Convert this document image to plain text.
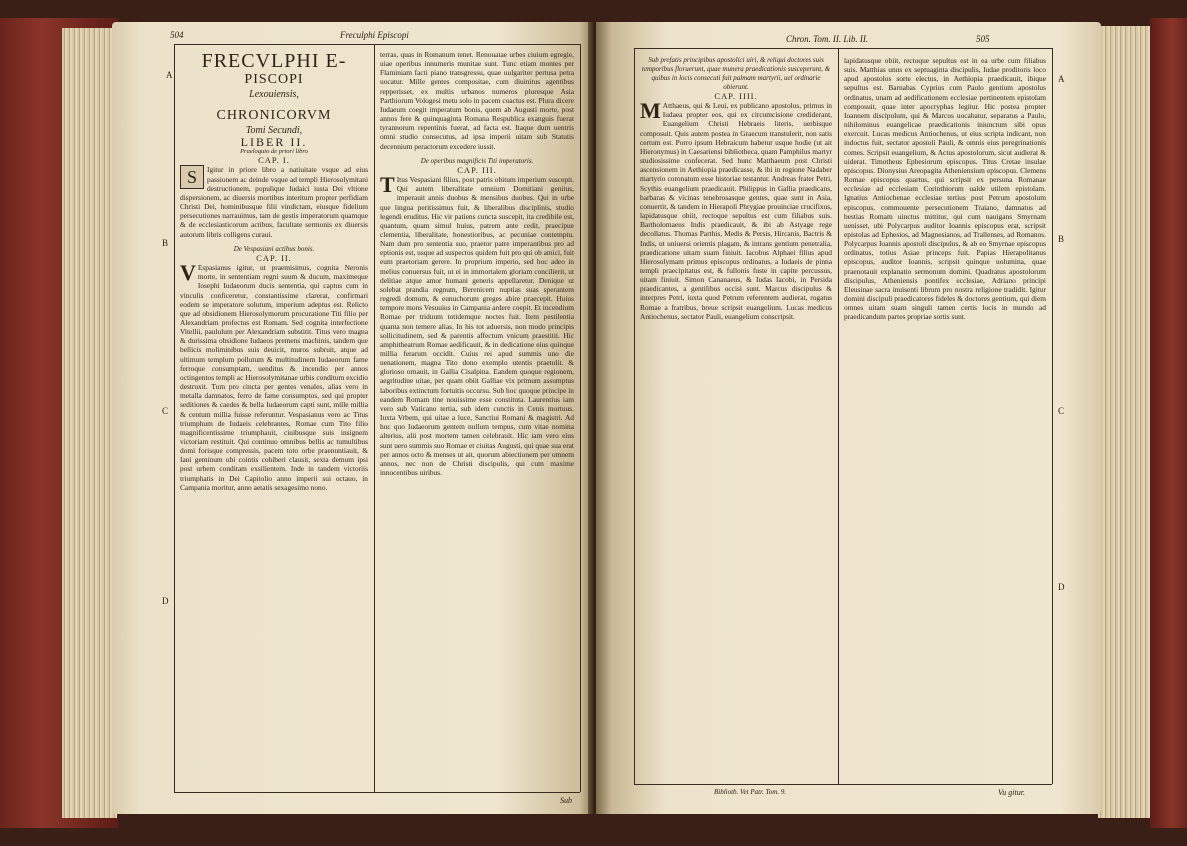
504	Freculphi Episcopi
A
B
C
D

FRECVLPHI E-

PISCOPI

Lexouiensis,

CHRONICORVM

Tomi Secundi,

LIBER II.

Praeloquio de priori libro

CAP. I.

S	Igitur in priore libro a natiuitate vsque ad eius passionem ac deinde vsque ad templi Hierosolymitani destructionem, populique Iudaici iusta Dei vltione dispersionem, ac diuersis mortibus interitum propter perfidiam Christi Dei, hominibusque filii vindictam, eiusque fidelium persecutiones narrauimus, tam de gestis imperatorum quamque & de ecclesiasticorum actibus, facultate sermonis ex diuersis autorum libris colligens curaui.

De Vespasiani actibus bonis.

CAP. II.

V Espasianus igitur, ut praemisimus, cognita Neronis morte, in sententiam regni suum & ducum, maximeque Iosephi Iudaeorum ducis sententia, qui captus cum in vinculis conficeretur, constantissime clarerat, confirmari eodem se imperatore solutum, imperium adeptus est. Relicto que ad obsidionem Hierosolymorum procuratione Titi filio per Alexandriam profectus est Romam. Sed cognita interfectione Vitellii, paululum per Alexandriam substitit. Titus vero magna & durissima obsidione Iudaeos premens machinis, tandem que bellicis moliminibus suis deuicit, muros subruit, atque ad ultimum templum pollutum & multitudinem Iudaeorum fame ferroque consumptam, uenditus & incendio per annos octingentos templi ac Hierosolymitanae urbis conditum excidio destruxit. Tum pro cincta per gentes venales, alias vero in metalla damnatos, ferro de fame consumptos, sed qui propter seditiones & caedes & bella Iudaeorum capti sunt, mille millia & centum millia fuisse referuntur. Vespasianus vero ac Titus triumphum de Iudaeis celebrantes, Romae cum Tito filio magnificentissime triumphauit, ciuibusque suis insignem victoriam restituit. Qui continuo omnibus bellis ac tumultibus domi forisque compressis, pacem toto orbe praenuntiauit, & Iani geminum ubi cointis cohiberi clausit, sexta demum ipsi post urbem conditam exsilientem. Inde in tandem victoriis triumphatis in Dei Capitolio anno imperii sui octauo, in Campania moritur, anno aetatis sexagesimo nono.

terras, quas in Romanum tenet. Renouatae urbes ciuium egregie, uiae operibus innumeris munitae sunt. Tunc etiam montes per Flaminiam facti piano transgressu, quae uulgariter pertusa petra uocatur. Mille gentes compositae, cum diuinitus agentibus repperisset, ex multis urbanos numeros pluresque Asia Parthiorum Vologesi metu solo in pacem coactus est. Plura dicere Iudaeum coegit imperatum bonis, quem ab Augusti morte, post annos fere & quinquaginta Romana Respublica exanguis fuerat tyrannorum repentinis fuerat, ad facta est. Itaque dum uentris omni studio consecutus, ad ipsa imperii uitam sub Statutis decennium peractorum excedere iussit.

De operibus magnificis Titi imperatoris.

CAP. III.

T Itus Vespasiani filius, post patris obitum imperium suscepit. Qui autem liberalitate omnium Domitiani genitus, imperauit annis duobus & mensibus duobus. Qui in urbe que lingua peritissimus fuit, & liberalibus disciplinis, studio legendi eruditus. Hic vir patiens cuncta suscepit, ita credibile est, quantum, quam simul huius, patrem ante cedit, praecipue clementia, liberalitate, honestioribus, ac pecuniae contemptu. Nam dum pro sententia suo, praetor patre imperantibus pro ad eptionis est, usque ad suspectos quidem fuit pro qui ob amici, fuit eum praetoriam gerere. In proprium imperio, sed hoc adeo in melius conuersus fuit, ut ei in immortalem gloriam concilierit, ut delitiae atque amor humani generis appellaretur. Denique ut solebat prandia regnum, Berenicem nuptias suas sperantem regredi domum, & eunuchorum greges abire praecepit. Huius tempore mons Vesuuius in Campania ardere coepit. Et incendium Romae per triduum totidemque noctes fuit. Item pestilentia quanta non temere alias. In his tot aduersis, non modo principis sollicitudinem, sed & parentis affectum vnicum praestitit. Hic amphitheatrum Romae aedificauit, & in dedicatione eius quinque millia ferarum occidit. Cuius rei apud summis uno die uenationem, magna Tito dono exemplo utentis praetulit. & glorioso ornauit, in Gallia Cisalpina. Eandem quoque regionem, aegritudine uitae, per quam obiit Galliae vix primum assumptus laboribus extinctum fortuitis occursu. Sub hoc quoque principe in eandem Romam tine nouissime esse constituta. Laurentius iam vero sub Vaticano tertia, sub idem cunctis in Cenis mortuus. Iuxta Vrbem, qui uitae a luce, Sanctiui Romani & magistri. Ad huc quo Iudaeorum gentem nullum tempus, cum vitae nomina alterius, alii post mortem tamen celebrauit. Hic iam vero eius sunt uero summis suo Romae et ciuitas Augusti, qui quae sua erat per annos octo & menses ut ait, quorum abiectionem per omnem annos, nec non de Christi discipulis, qui cum maxime innocentibus uiribus.

Sub
Chron. Tom. II. Lib. II.	505
A
B
C
D

Sub prefatis principibus apostolici uiri, & reliqui doctores suis temporibus floruerunt, quae munera praedicationis susceperunt, & quibus in locis consecuti fuit palmam martyrii, uel ordinarie obierunt.

CAP. IIII.

M Atthaeus, qui & Leui, ex publicano apostolus, primus in Iudaea propter eos, qui ex circumcisione crediderant, Euangelium Christi Hebraeis literis, uerbisque composuit. Quis autem postea in Graecum transtulerit, non satis certum est. Porro ipsum Hebraicum habetur usque hodie (ut ait Hieronymus) in Caesariensi bibliotheca, quam Pamphilus martyr studiosissime confecerat. Sed hunc Matthaeum post Christi ascensionem in Aethiopia praedicasse, & ibi in regione Nadaber martyrio coronatum esse historiae testantur. Andreas frater Petri, Scythis euangelium praedicauit. Philippus in Gallia praedicans, barbaras & vicinas tenebrosasque gentes, quae sunt in Asia, conuertit, & tandem in Hierapoli Phrygiae prouinciae crucifixus, lapidatusque obiit, rectoque sepultus est cum filiabus suis. Bartholomaeus Indis praedicauit, & ibi ab Astyage rege decollatus. Thomas Parthis, Medis & Persis, Hircanis, Bactris & Indis, ut uniuersi orientis plagam, & intrans gentium penetralia, praedicatione uitam suam finiuit. Iacobus Alphaei filius apud Hierosolymam primus episcopus ordinatus, a Iudaeis de pinna templi praecipitatus est, & fullonis fuste in capite percussus, uitam finiuit. Simon Cananaeus, & Iudas Iacobi, in Persida praedicantes, a gentilibus occisi sunt. Marcus discipulus & interpres Petri, iuxta quod Petrum referentem audierat, rogatus Romae a fratribus, breue scripsit euangelium. Lucas medicus Antiochenus, sectator Pauli, euangelium conscripsit.

lapidatusque obiit, rectoque sepultus est in ea urbe cum filiabus suis. Matthias unus ex septuaginta discipulis, Iudae proditoris loco apud apostolos sorte electus, in Aethiopia praedicauit, ibique sepultus est. Barnabas Cyprius cum Paulo gentium apostolus ordinatus, unam ad aedificationem ecclesiae pertinentem epistolam composuit, quae inter apocryphas legitur. Hic postea propter Ioannem discipulum, qui & Marcus uocabatur, separatus a Paulo, nihilominus euangelicae praedicationis iniunctum sibi opus exercuit. Lucas medicus Antiochenus, ut eius scripta indicant, non indoctus fuit, sectator apostoli Pauli, & omnis eius peregrinationis comes. Scripsit euangelium, & Actus apostolorum, sicut audierat & uiderat. Timotheus Ephesiorum episcopus. Titus Cretae insulae episcopus. Dionysius Areopagita Atheniensium episcopus. Clemens Romae episcopus quartus, qui scripsit ex persona Romanae ecclesiae ad ecclesiam Corinthiorum ualde utilem epistolam. Ignatius Antiochenae ecclesiae tertius post Petrum apostolum episcopus, commouente persecutionem Traiano, damnatus ad bestias Romam uinctus mittitur, qui cum nauigans Smyrnam uenisset, ubi Polycarpus auditor Ioannis episcopus erat, scripsit epistolas ad Ephesios, ad Magnesianos, ad Trallenses, ad Romanos. Polycarpus Ioannis apostoli discipulus, & ab eo Smyrnae episcopus ordinatus, totius Asiae princeps fuit. Papias Hierapolitanus episcopus, auditor Ioannis, scripsit quinque uolumina, quae praenotauit explanatio sermonum domini. Quadratus apostolorum discipulus, Atheniensis pontifex ecclesiae, Adriano principi Eleusinae sacra inuisenti librum pro nostra religione tradidit. Igitur domini discipuli praedicatores fideles & doctores gentium, qui diem omnes uitam suam singuli tamen certis locis in mundo ad praedicandum partes propriae sortis sunt.

Bibliotb. Vet Patr. Tom. 9.	Vu gitur.
